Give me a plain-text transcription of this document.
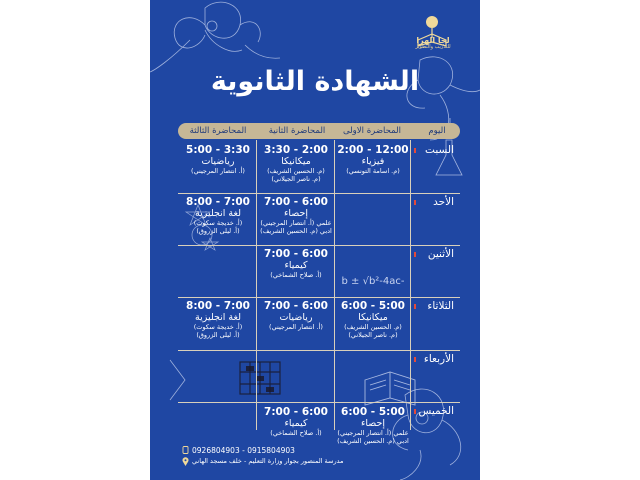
لجا الهرا
للتدريب والتطوير
الشهادة الثانوية
اليوم
المحاضرة الاولى
المحاضرة الثانية
المحاضرة الثالثة
السبت
الأحد
الأثنين
الثلاثاء
الأربعاء
الخميس
12:00 - 2:00
فيزياء
(م. اسامة التونسي)
2:00 - 3:30
ميكانيكا
(م. الحسين الشريف)
(م. ناصر الجيلاني)
3:30 - 5:00
رياضيات
(أ. انتصار المرجيني)
6:00 - 7:00
إحصاء
علمي (أ. انتصار المرجيني)
ادبي (م. الحسين الشريف)
7:00 - 8:00
لغة انجليزية
(أ. خديجة سكوت)
(أ. ليلى الزروق)
6:00 - 7:00
كيمياء
(أ. صلاح الشماخي)
-b ± √b²-4ac
5:00 - 6:00
ميكانيكا
(م. الحسين الشريف)
(م. ناصر الجيلاني)
6:00 - 7:00
رياضيات
(أ. انتصار المرجيني)
7:00 - 8:00
لغة انجليزية
(أ. خديجة سكوت)
(أ. ليلى الزروق)
5:00 - 6:00
إحصاء
علمي (أ. انتصار المرجيني)
ادبي (م. الحسين الشريف)
6:00 - 7:00
كيمياء
(أ. صلاح الشماخي)
0926804903 - 0915804903
مدرسة المنصور بجوار وزارة التعليم - خلف مسجد الهاني
